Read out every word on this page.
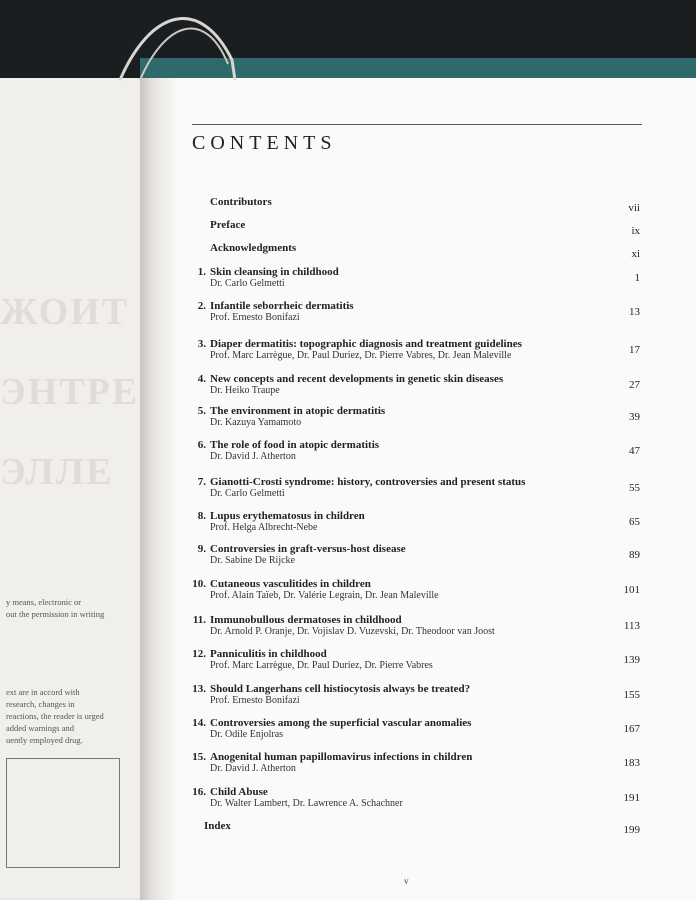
ЖОИТ
ЭНТРЕ
ЭЛЛЕ
y means, electronic or
out the permission in writing
ext are in accord with
research, changes in
reactions, the reader is urged
added warnings and
uently employed drug.
CONTENTS
Contributors	vii
Preface	ix
Acknowledgments	xi
1. Skin cleansing in childhood
Dr. Carlo Gelmetti	1
2. Infantile seborrheic dermatitis
Prof. Ernesto Bonifazi	13
3. Diaper dermatitis: topographic diagnosis and treatment guidelines
Prof. Marc Larrègue, Dr. Paul Duriez, Dr. Pierre Vabres, Dr. Jean Maleville	17
4. New concepts and recent developments in genetic skin diseases
Dr. Heiko Traupe	27
5. The environment in atopic dermatitis
Dr. Kazuya Yamamoto	39
6. The role of food in atopic dermatitis
Dr. David J. Atherton	47
7. Gianotti-Crosti syndrome: history, controversies and present status
Dr. Carlo Gelmetti	55
8. Lupus erythematosus in children
Prof. Helga Albrecht-Nebe	65
9. Controversies in graft-versus-host disease
Dr. Sabine De Rijcke	89
10. Cutaneous vasculitides in children
Prof. Alain Taïeb, Dr. Valérie Legrain, Dr. Jean Maleville	101
11. Immunobullous dermatoses in childhood
Dr. Arnold P. Oranje, Dr. Vojislav D. Vuzevski, Dr. Theodoor van Joost	113
12. Panniculitis in childhood
Prof. Marc Larrègue, Dr. Paul Duriez, Dr. Pierre Vabres	139
13. Should Langerhans cell histiocytosis always be treated?
Prof. Ernesto Bonifazi	155
14. Controversies among the superficial vascular anomalies
Dr. Odile Enjolras	167
15. Anogenital human papillomavirus infections in children
Dr. David J. Atherton	183
16. Child Abuse
Dr. Walter Lambert, Dr. Lawrence A. Schachner	191
Index	199
v
